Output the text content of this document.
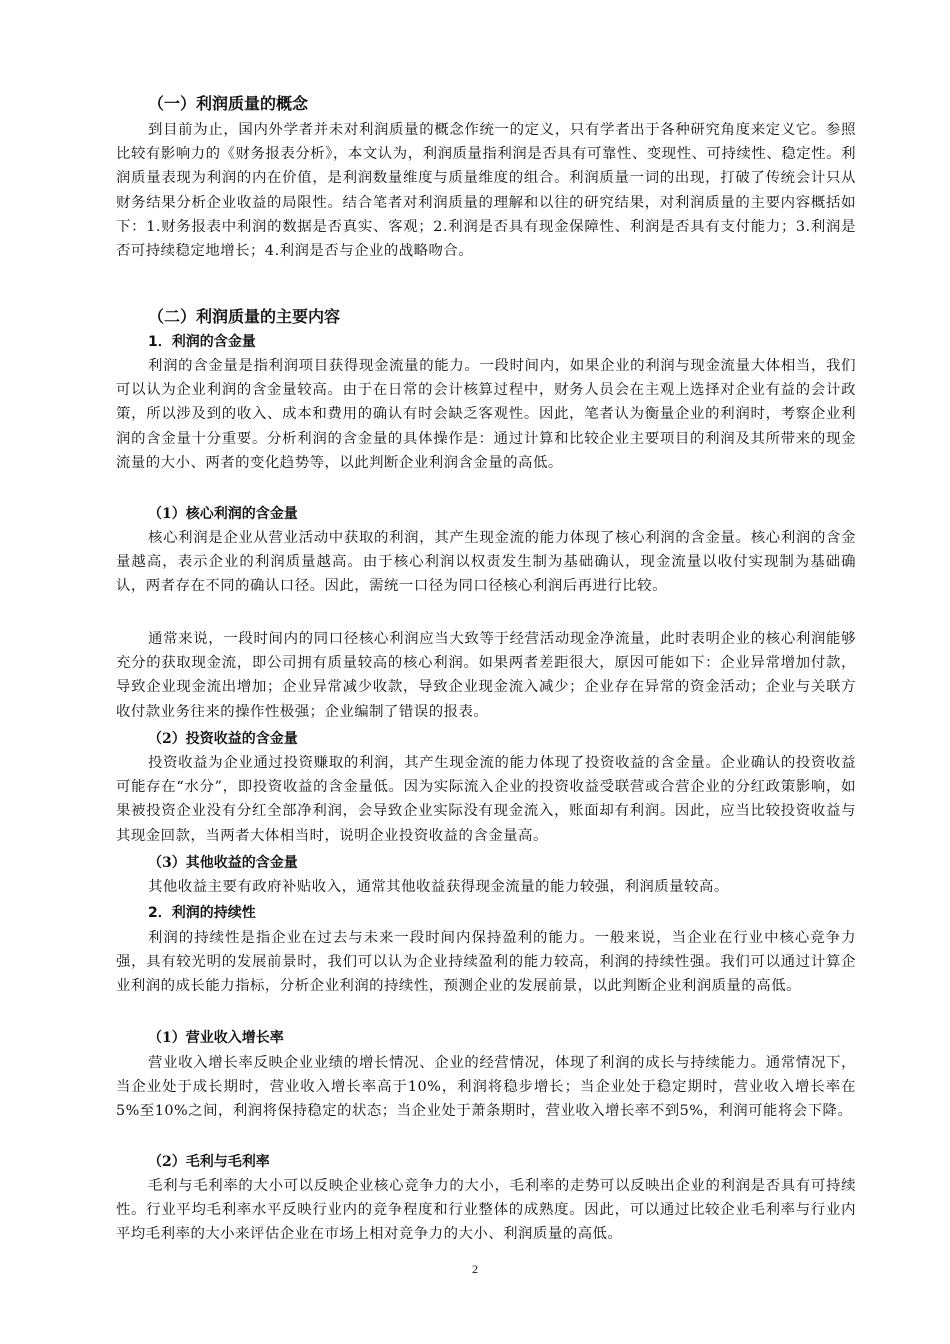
（一）利润质量的概念

到目前为止，国内外学者并未对利润质量的概念作统一的定义，只有学者出于各种研究角度来定义它。参照比较有影响力的《财务报表分析》，本文认为，利润质量指利润是否具有可靠性、变现性、可持续性、稳定性。利润质量表现为利润的内在价值，是利润数量维度与质量维度的组合。利润质量一词的出现，打破了传统会计只从财务结果分析企业收益的局限性。结合笔者对利润质量的理解和以往的研究结果，对利润质量的主要内容概括如下：1.财务报表中利润的数据是否真实、客观；2.利润是否具有现金保障性、利润是否具有支付能力；3.利润是否可持续稳定地增长；4.利润是否与企业的战略吻合。

（二）利润质量的主要内容
1．利润的含金量

利润的含金量是指利润项目获得现金流量的能力。一段时间内，如果企业的利润与现金流量大体相当，我们可以认为企业利润的含金量较高。由于在日常的会计核算过程中，财务人员会在主观上选择对企业有益的会计政策，所以涉及到的收入、成本和费用的确认有时会缺乏客观性。因此，笔者认为衡量企业的利润时，考察企业利润的含金量十分重要。分析利润的含金量的具体操作是：通过计算和比较企业主要项目的利润及其所带来的现金流量的大小、两者的变化趋势等，以此判断企业利润含金量的高低。

（1）核心利润的含金量

核心利润是企业从营业活动中获取的利润，其产生现金流的能力体现了核心利润的含金量。核心利润的含金量越高，表示企业的利润质量越高。由于核心利润以权责发生制为基础确认，现金流量以收付实现制为基础确认，两者存在不同的确认口径。因此，需统一口径为同口径核心利润后再进行比较。

通常来说，一段时间内的同口径核心利润应当大致等于经营活动现金净流量，此时表明企业的核心利润能够充分的获取现金流，即公司拥有质量较高的核心利润。如果两者差距很大，原因可能如下：企业异常增加付款，导致企业现金流出增加；企业异常减少收款，导致企业现金流入减少；企业存在异常的资金活动；企业与关联方收付款业务往来的操作性极强；企业编制了错误的报表。

（2）投资收益的含金量

投资收益为企业通过投资赚取的利润，其产生现金流的能力体现了投资收益的含金量。企业确认的投资收益可能存在“水分”，即投资收益的含金量低。因为实际流入企业的投资收益受联营或合营企业的分红政策影响，如果被投资企业没有分红全部净利润，会导致企业实际没有现金流入，账面却有利润。因此，应当比较投资收益与其现金回款，当两者大体相当时，说明企业投资收益的含金量高。

（3）其他收益的含金量

其他收益主要有政府补贴收入，通常其他收益获得现金流量的能力较强，利润质量较高。

2．利润的持续性

利润的持续性是指企业在过去与未来一段时间内保持盈利的能力。一般来说，当企业在行业中核心竞争力强，具有较光明的发展前景时，我们可以认为企业持续盈利的能力较高，利润的持续性强。我们可以通过计算企业利润的成长能力指标，分析企业利润的持续性，预测企业的发展前景，以此判断企业利润质量的高低。

（1）营业收入增长率

营业收入增长率反映企业业绩的增长情况、企业的经营情况，体现了利润的成长与持续能力。通常情况下，当企业处于成长期时，营业收入增长率高于10%，利润将稳步增长；当企业处于稳定期时，营业收入增长率在5%至10%之间，利润将保持稳定的状态；当企业处于萧条期时，营业收入增长率不到5%，利润可能将会下降。

（2）毛利与毛利率

毛利与毛利率的大小可以反映企业核心竞争力的大小，毛利率的走势可以反映出企业的利润是否具有可持续性。行业平均毛利率水平反映行业内的竞争程度和行业整体的成熟度。因此，可以通过比较企业毛利率与行业内平均毛利率的大小来评估企业在市场上相对竞争力的大小、利润质量的高低。

2
